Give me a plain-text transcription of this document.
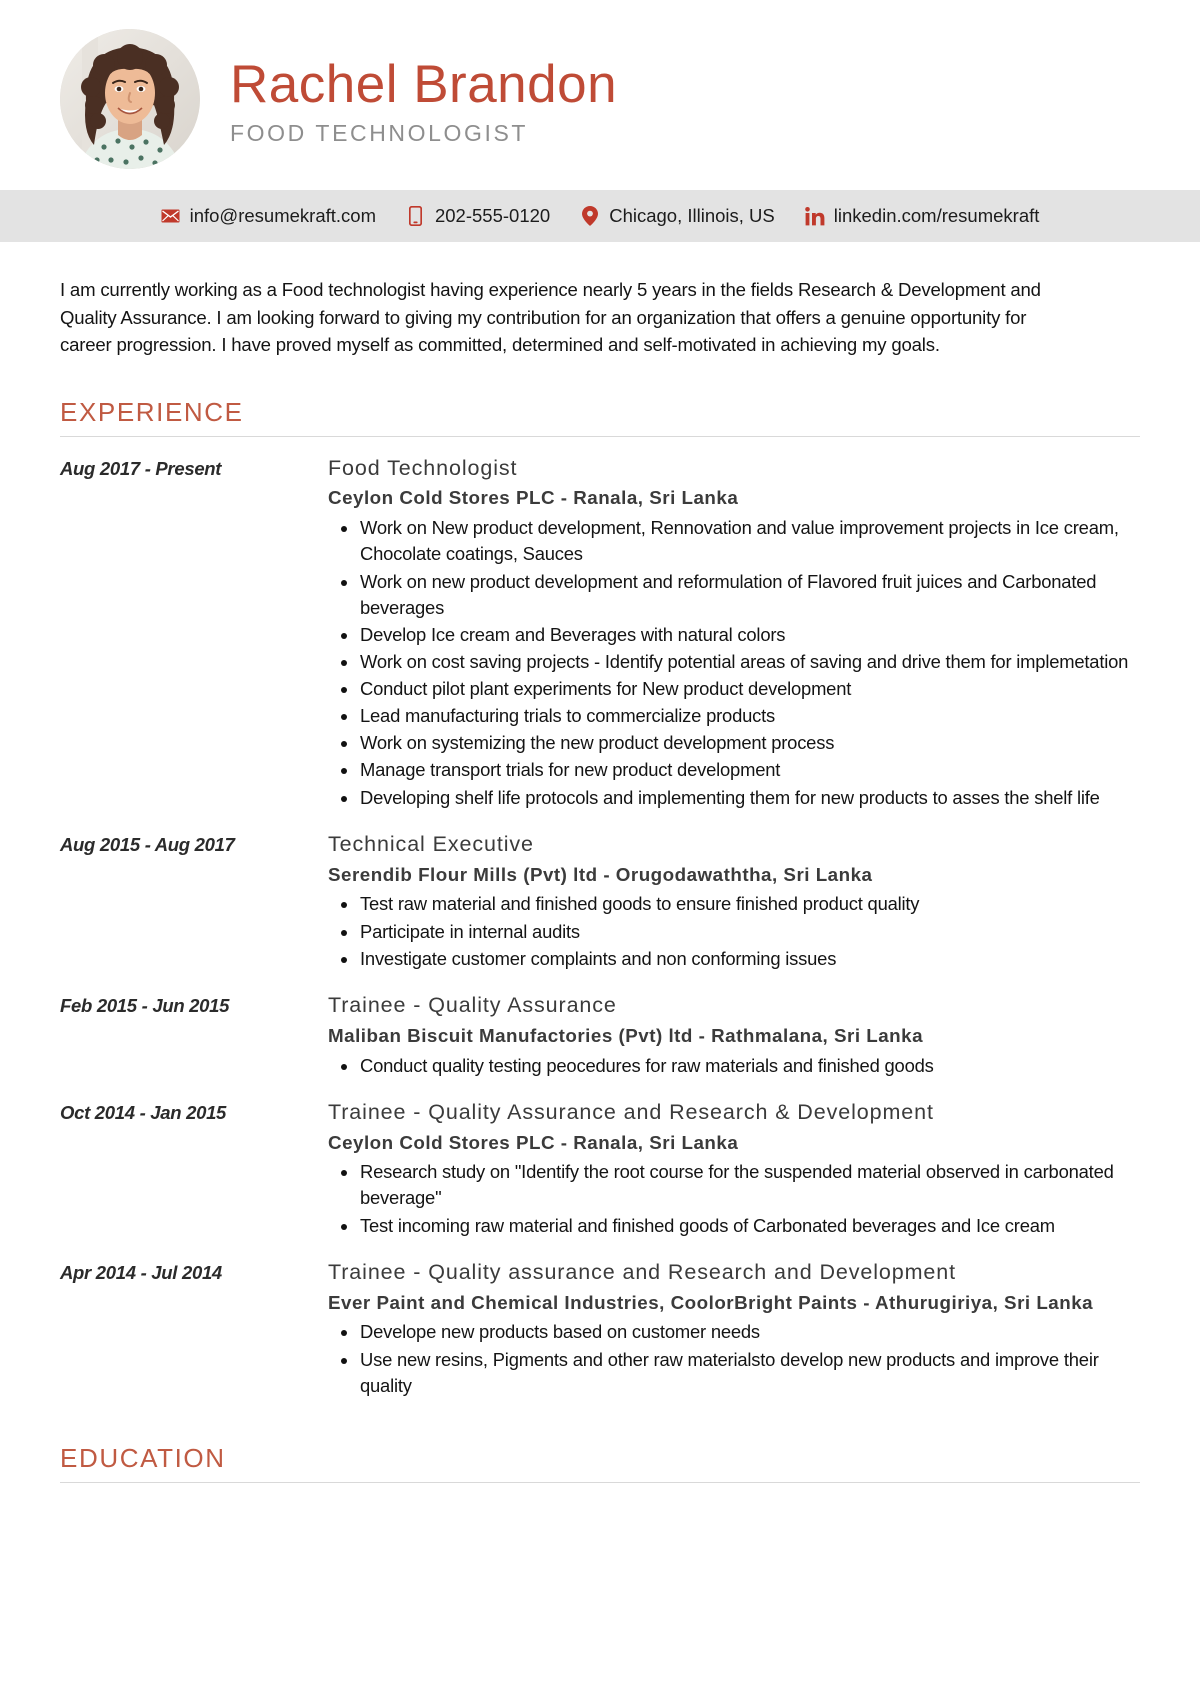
Rachel Brandon
FOOD TECHNOLOGIST
info@resumekraft.com	202-555-0120	Chicago, Illinois, US	linkedin.com/resumekraft

I am currently working as a Food technologist having experience nearly 5 years in the fields Research & Development and Quality Assurance. I am looking forward to giving my contribution for an organization that offers a genuine opportunity for career progression. I have proved myself as committed, determined and self-motivated in achieving my goals.

EXPERIENCE
Aug 2017 - Present	Food Technologist
Ceylon Cold Stores PLC - Ranala, Sri Lanka
Work on New product development, Rennovation and value improvement projects in Ice cream, Chocolate coatings, Sauces
Work on new product development and reformulation of Flavored fruit juices and Carbonated beverages
Develop Ice cream and Beverages with natural colors
Work on cost saving projects - Identify potential areas of saving and drive them for implemetation
Conduct pilot plant experiments for New product development
Lead manufacturing trials to commercialize products
Work on systemizing the new product development process
Manage transport trials for new product development
Developing shelf life protocols and implementing them for new products to asses the shelf life
Aug 2015 - Aug 2017	Technical Executive
Serendib Flour Mills (Pvt) ltd - Orugodawaththa, Sri Lanka
Test raw material and finished goods to ensure finished product quality
Participate in internal audits
Investigate customer complaints and non conforming issues
Feb 2015 - Jun 2015	Trainee - Quality Assurance
Maliban Biscuit Manufactories (Pvt) ltd - Rathmalana, Sri Lanka
Conduct quality testing peocedures for raw materials and finished goods
Oct 2014 - Jan 2015	Trainee - Quality Assurance and Research & Development
Ceylon Cold Stores PLC - Ranala, Sri Lanka
Research study on "Identify the root course for the suspended material observed in carbonated beverage"
Test incoming raw material and finished goods of Carbonated beverages and Ice cream
Apr 2014 - Jul 2014	Trainee - Quality assurance and Research and Development
Ever Paint and Chemical Industries, CoolorBright Paints - Athurugiriya, Sri Lanka
Develope new products based on customer needs
Use new resins, Pigments and other raw materialsto develop new products and improve their quality
EDUCATION
